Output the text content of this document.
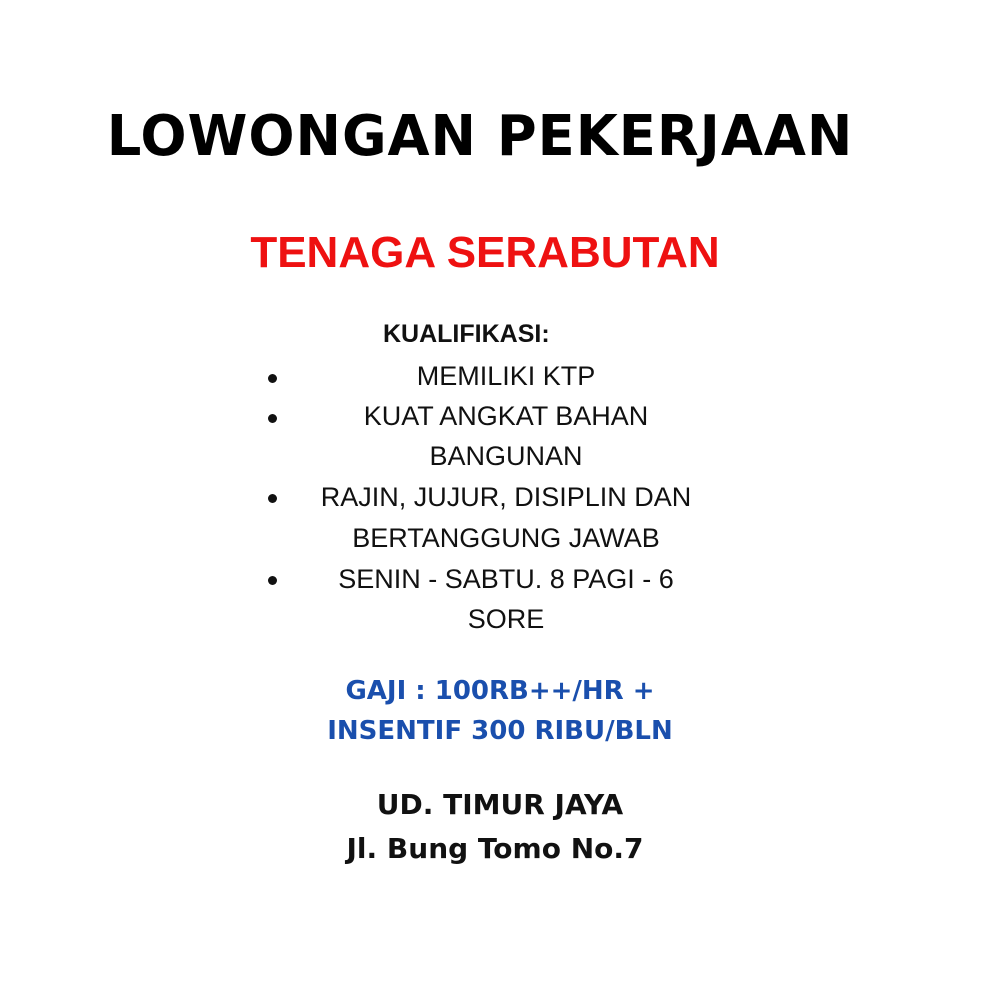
LOWONGAN PEKERJAAN
TENAGA SERABUTAN
KUALIFIKASI:
MEMILIKI KTP
KUAT ANGKAT BAHAN
BANGUNAN
RAJIN, JUJUR, DISIPLIN DAN
BERTANGGUNG JAWAB
SENIN - SABTU. 8 PAGI - 6
SORE
GAJI : 100RB++/HR +
INSENTIF 300 RIBU/BLN
UD. TIMUR JAYA
Jl. Bung Tomo No.7
